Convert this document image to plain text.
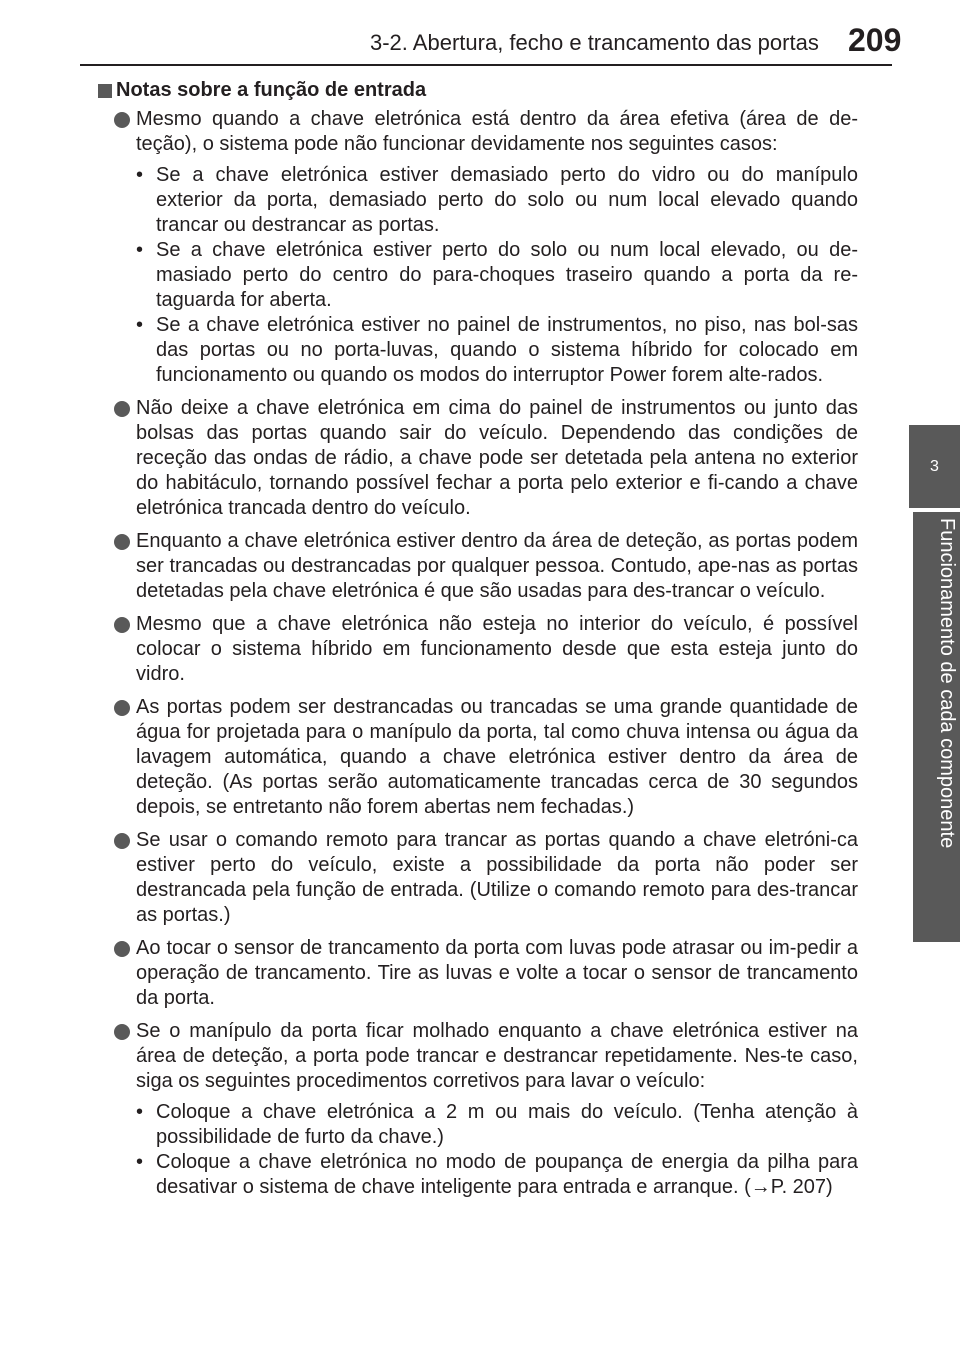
3-2. Abertura, fecho e trancamento das portas 209
3
Funcionamento de cada componente
Notas sobre a função de entrada

Mesmo quando a chave eletrónica está dentro da área efetiva (área de de-teção), o sistema pode não funcionar devidamente nos seguintes casos:

• Se a chave eletrónica estiver demasiado perto do vidro ou do manípulo exterior da porta, demasiado perto do solo ou num local elevado quando trancar ou destrancar as portas.
• Se a chave eletrónica estiver perto do solo ou num local elevado, ou de-masiado perto do centro do para-choques traseiro quando a porta da re-taguarda for aberta.
• Se a chave eletrónica estiver no painel de instrumentos, no piso, nas bol-sas das portas ou no porta-luvas, quando o sistema híbrido for colocado em funcionamento ou quando os modos do interruptor Power forem alte-rados.

Não deixe a chave eletrónica em cima do painel de instrumentos ou junto das bolsas das portas quando sair do veículo. Dependendo das condições de receção das ondas de rádio, a chave pode ser detetada pela antena no exterior do habitáculo, tornando possível fechar a porta pelo exterior e fi-cando a chave eletrónica trancada dentro do veículo.

Enquanto a chave eletrónica estiver dentro da área de deteção, as portas podem ser trancadas ou destrancadas por qualquer pessoa. Contudo, ape-nas as portas detetadas pela chave eletrónica é que são usadas para des-trancar o veículo.

Mesmo que a chave eletrónica não esteja no interior do veículo, é possível colocar o sistema híbrido em funcionamento desde que esta esteja junto do vidro.

As portas podem ser destrancadas ou trancadas se uma grande quantidade de água for projetada para o manípulo da porta, tal como chuva intensa ou água da lavagem automática, quando a chave eletrónica estiver dentro da área de deteção. (As portas serão automaticamente trancadas cerca de 30 segundos depois, se entretanto não forem abertas nem fechadas.)

Se usar o comando remoto para trancar as portas quando a chave eletróni-ca estiver perto do veículo, existe a possibilidade da porta não poder ser destrancada pela função de entrada. (Utilize o comando remoto para des-trancar as portas.)

Ao tocar o sensor de trancamento da porta com luvas pode atrasar ou im-pedir a operação de trancamento. Tire as luvas e volte a tocar o sensor de trancamento da porta.

Se o manípulo da porta ficar molhado enquanto a chave eletrónica estiver na área de deteção, a porta pode trancar e destrancar repetidamente. Nes-te caso, siga os seguintes procedimentos corretivos para lavar o veículo:

• Coloque a chave eletrónica a 2 m ou mais do veículo. (Tenha atenção à possibilidade de furto da chave.)
• Coloque a chave eletrónica no modo de poupança de energia da pilha para desativar o sistema de chave inteligente para entrada e arranque. (→P. 207)
